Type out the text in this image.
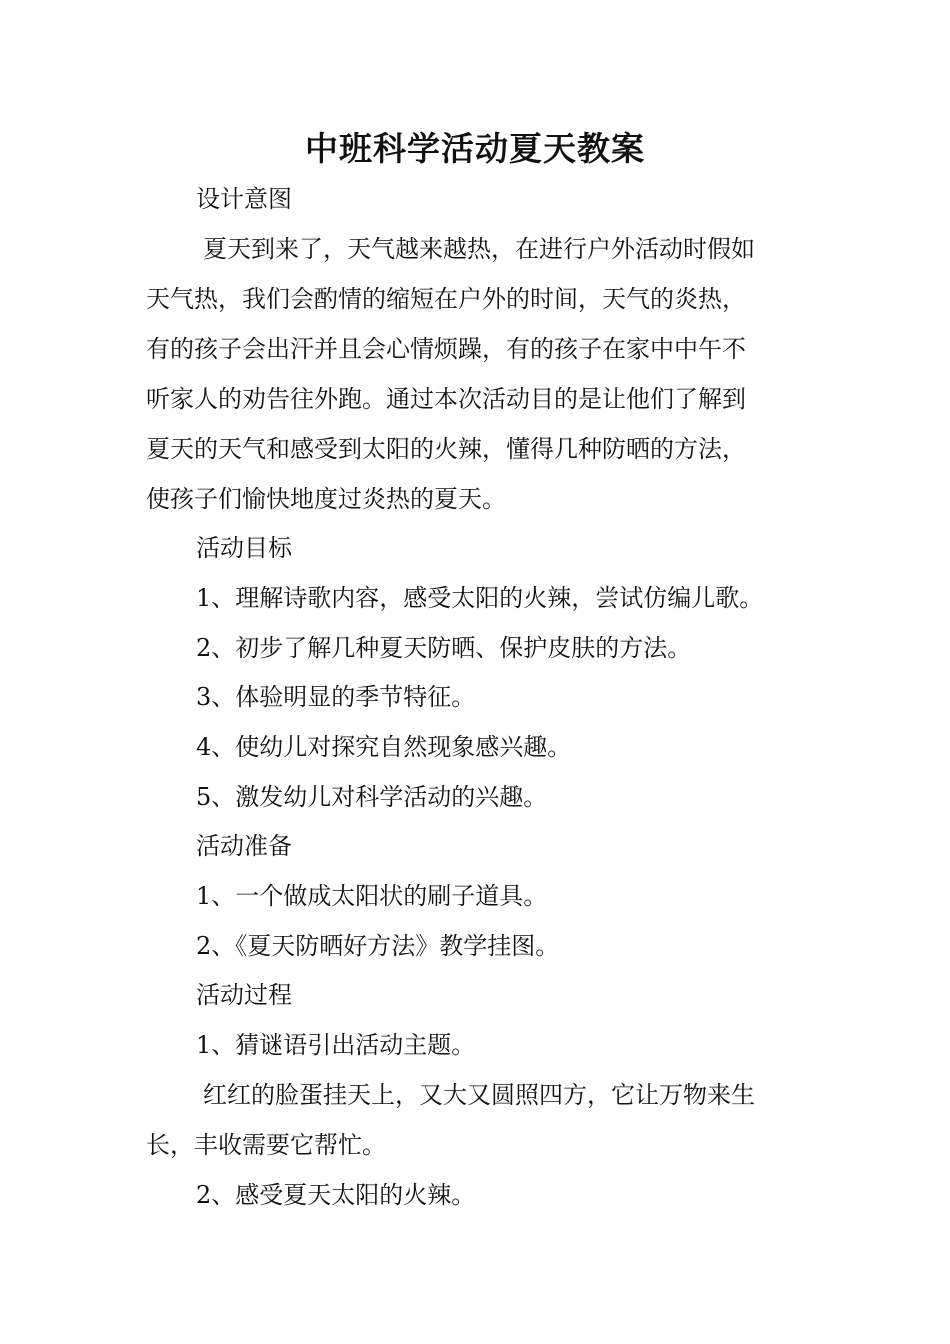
中班科学活动夏天教案

设计意图

夏天到来了，天气越来越热，在进行户外活动时假如

天气热，我们会酌情的缩短在户外的时间，天气的炎热，

有的孩子会出汗并且会心情烦躁，有的孩子在家中中午不

听家人的劝告往外跑。通过本次活动目的是让他们了解到

夏天的天气和感受到太阳的火辣，懂得几种防晒的方法，

使孩子们愉快地度过炎热的夏天。

活动目标

1、理解诗歌内容，感受太阳的火辣，尝试仿编儿歌。

2、初步了解几种夏天防晒、保护皮肤的方法。

3、体验明显的季节特征。

4、使幼儿对探究自然现象感兴趣。

5、激发幼儿对科学活动的兴趣。

活动准备

1、一个做成太阳状的刷子道具。

2、《夏天防晒好方法》教学挂图。

活动过程

1、猜谜语引出活动主题。

红红的脸蛋挂天上，又大又圆照四方，它让万物来生

长，丰收需要它帮忙。

2、感受夏天太阳的火辣。
